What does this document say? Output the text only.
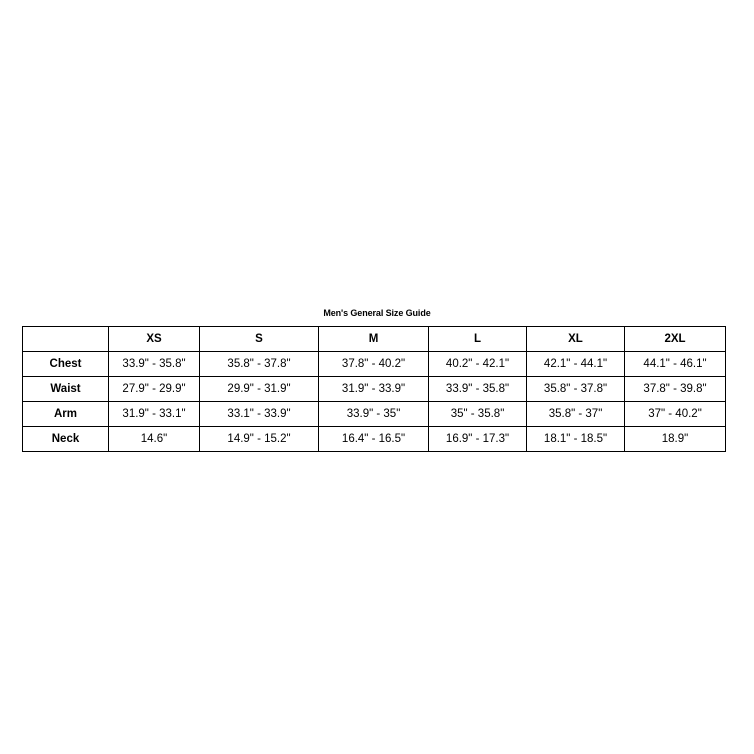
Men's General Size Guide
	XS	S	M	L	XL	2XL
Chest	33.9" - 35.8"	35.8" - 37.8"	37.8" - 40.2"	40.2" - 42.1"	42.1" - 44.1"	44.1" - 46.1"
Waist	27.9" - 29.9"	29.9" - 31.9"	31.9" - 33.9"	33.9" - 35.8"	35.8" - 37.8"	37.8" - 39.8"
Arm	31.9" - 33.1"	33.1" - 33.9"	33.9" - 35"	35" - 35.8"	35.8" - 37"	37" - 40.2"
Neck	14.6"	14.9" - 15.2"	16.4" - 16.5"	16.9" - 17.3"	18.1" - 18.5"	18.9"
